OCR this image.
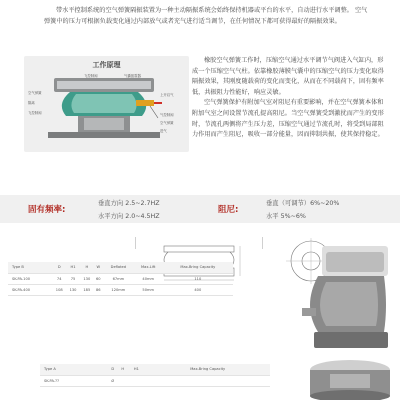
带水平控制系统的空气弹簧隔振装置为一种主动隔振系统会始终保持机器或平台的水平，自动进行水平调整。 空气弹簧中的压力可根据负载变化通过内部放气或者充气进行适当调节，在任何情况下都可获得最好的隔振效果。
工作原理
飞控制阀	气囊振震器
空气弹簧
隔离
飞控制阀
上开启气
气控制阀
空气弹簧
进气

橡胶空气弹簧工作时，压缩空气通过水平调节气阀进入气缸内，形成一个压缩空气气柱。依靠橡胶薄膜气囊中的压缩空气的压力变化取得隔振效果，其刚度随载荷的变化而变化，从而在不同载荷下，固有频率低，共振阻力性能好，响应灵敏。

空气弹簧保护有附加气室对阻尼有重要影响，并在空气弹簧本体和附加气室之间设置节流孔提高阻尼。当空气弹簧受到激扰而产生的变形时，节流孔两侧将产生压力差，压缩空气通过节流孔时，将受到局部阻力作用而产生阻尼，吸收一部分能量，因而抑制共振，使其保持稳定。

固有频率:
垂直方向 2.5~2.7HZ
水平方向 2.0~4.5HZ
阻尼:
垂直（可调节）6%~20%
水平 5%~6%
Type B	D	H1	H	W	Deflated	Max-Lift	Max-Bring Capacity
SK-PA-100	74	75	130	60	67mm	40mm	110
SK-PA-400	108	130	185	86	120mm	50mm	400
Type A	D	H	H1	Max-Bring Capacity
SK-PA-??	Ø			
